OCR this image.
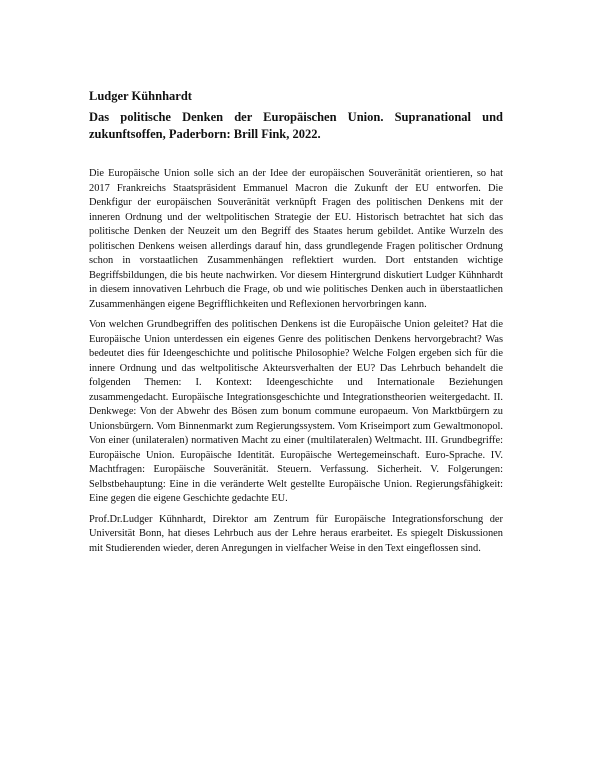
Ludger Kühnhardt
Das politische Denken der Europäischen Union. Supranational und zukunftsoffen, Paderborn: Brill Fink, 2022.

Die Europäische Union solle sich an der Idee der europäischen Souveränität orientieren, so hat 2017 Frankreichs Staatspräsident Emmanuel Macron die Zukunft der EU entworfen. Die Denkfigur der europäischen Souveränität verknüpft Fragen des politischen Denkens mit der inneren Ordnung und der weltpolitischen Strategie der EU. Historisch betrachtet hat sich das politische Denken der Neuzeit um den Begriff des Staates herum gebildet. Antike Wurzeln des politischen Denkens weisen allerdings darauf hin, dass grundlegende Fragen politischer Ordnung schon in vorstaatlichen Zusammenhängen reflektiert wurden. Dort entstanden wichtige Begriffsbildungen, die bis heute nachwirken. Vor diesem Hintergrund diskutiert Ludger Kühnhardt in diesem innovativen Lehrbuch die Frage, ob und wie politisches Denken auch in überstaatlichen Zusammenhängen eigene Begrifflichkeiten und Reflexionen hervorbringen kann.

Von welchen Grundbegriffen des politischen Denkens ist die Europäische Union geleitet? Hat die Europäische Union unterdessen ein eigenes Genre des politischen Denkens hervorgebracht? Was bedeutet dies für Ideengeschichte und politische Philosophie? Welche Folgen ergeben sich für die innere Ordnung und das weltpolitische Akteursverhalten der EU? Das Lehrbuch behandelt die folgenden Themen: I. Kontext: Ideengeschichte und Internationale Beziehungen zusammengedacht. Europäische Integrationsgeschichte und Integrationstheorien weitergedacht. II. Denkwege: Von der Abwehr des Bösen zum bonum commune europaeum. Von Marktbürgern zu Unionsbürgern. Vom Binnenmarkt zum Regierungssystem. Vom Kriseimport zum Gewaltmonopol. Von einer (unilateralen) normativen Macht zu einer (multilateralen) Weltmacht. III. Grundbegriffe: Europäische Union. Europäische Identität. Europäische Wertegemeinschaft. Euro-Sprache. IV. Machtfragen: Europäische Souveränität. Steuern. Verfassung. Sicherheit. V. Folgerungen: Selbstbehauptung: Eine in die veränderte Welt gestellte Europäische Union. Regierungsfähigkeit: Eine gegen die eigene Geschichte gedachte EU.

Prof.Dr.Ludger Kühnhardt, Direktor am Zentrum für Europäische Integrationsforschung der Universität Bonn, hat dieses Lehrbuch aus der Lehre heraus erarbeitet. Es spiegelt Diskussionen mit Studierenden wieder, deren Anregungen in vielfacher Weise in den Text eingeflossen sind.
